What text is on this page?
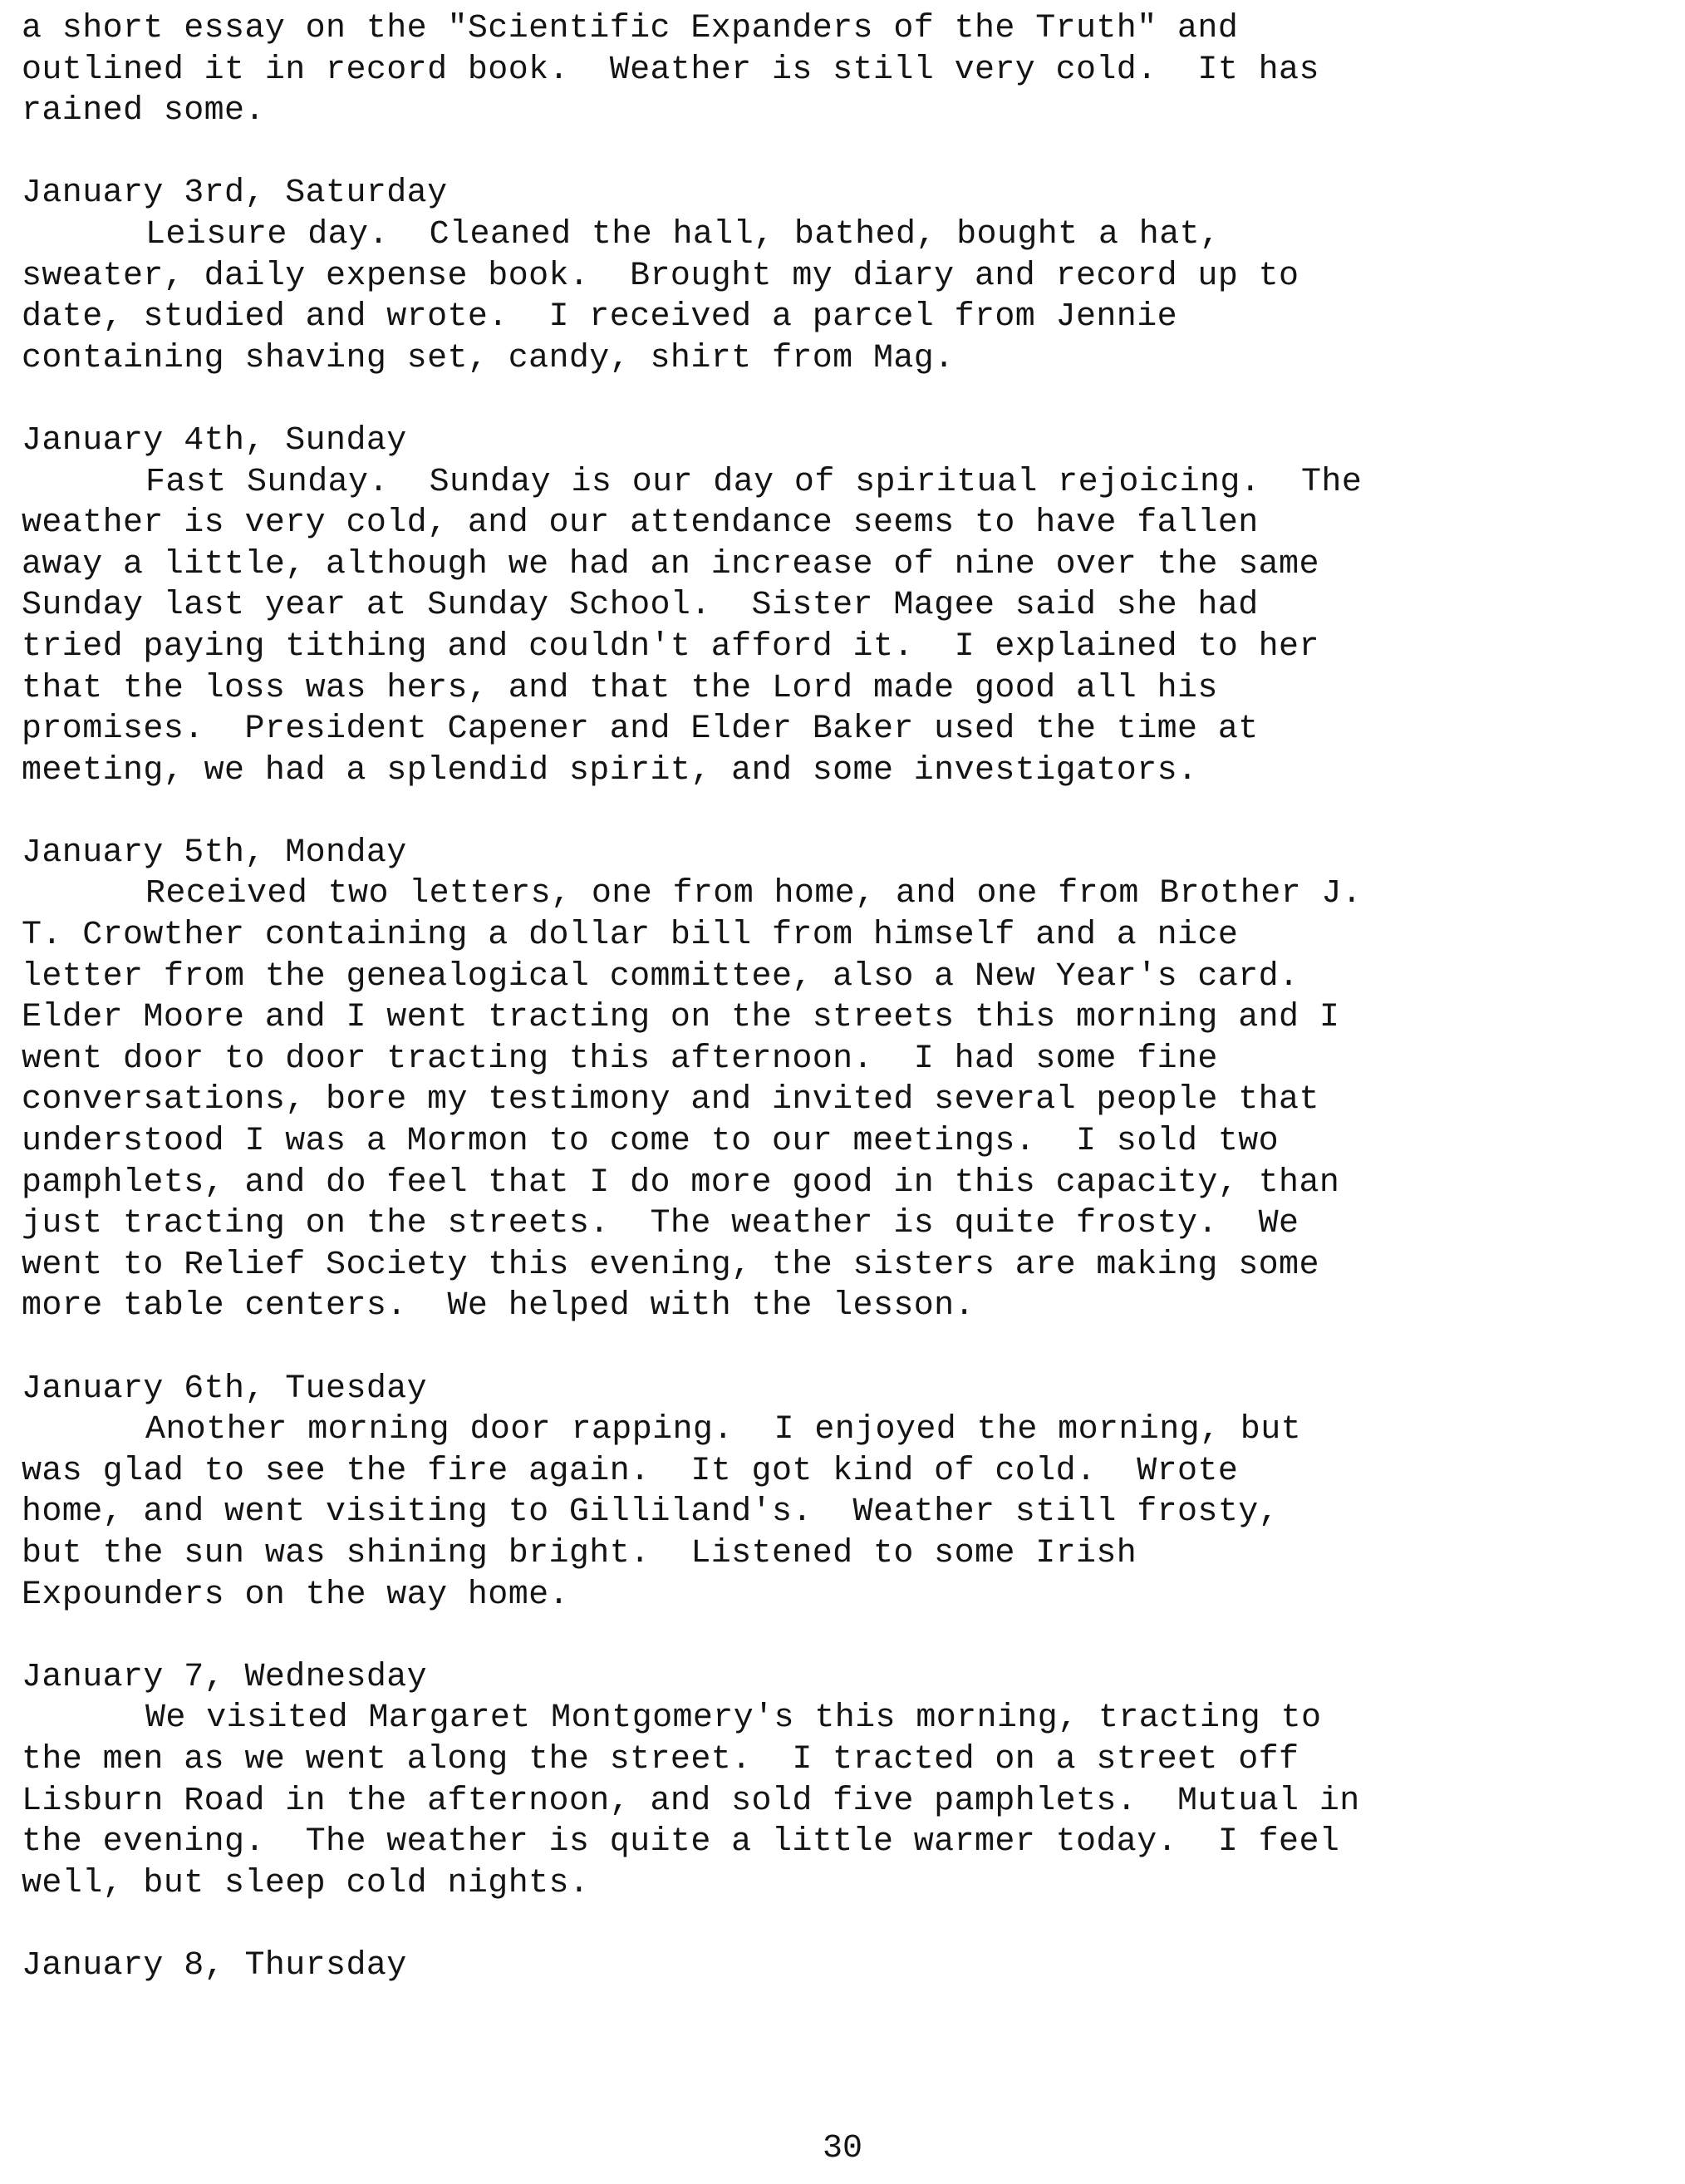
a short essay on the "Scientific Expanders of the Truth" and
outlined it in record book.  Weather is still very cold.  It has
rained some.
January 3rd, Saturday
Leisure day.  Cleaned the hall, bathed, bought a hat,
sweater, daily expense book.  Brought my diary and record up to
date, studied and wrote.  I received a parcel from Jennie
containing shaving set, candy, shirt from Mag.
January 4th, Sunday
Fast Sunday.  Sunday is our day of spiritual rejoicing.  The
weather is very cold, and our attendance seems to have fallen
away a little, although we had an increase of nine over the same
Sunday last year at Sunday School.  Sister Magee said she had
tried paying tithing and couldn't afford it.  I explained to her
that the loss was hers, and that the Lord made good all his
promises.  President Capener and Elder Baker used the time at
meeting, we had a splendid spirit, and some investigators.
January 5th, Monday
Received two letters, one from home, and one from Brother J.
T. Crowther containing a dollar bill from himself and a nice
letter from the genealogical committee, also a New Year's card.
Elder Moore and I went tracting on the streets this morning and I
went door to door tracting this afternoon.  I had some fine
conversations, bore my testimony and invited several people that
understood I was a Mormon to come to our meetings.  I sold two
pamphlets, and do feel that I do more good in this capacity, than
just tracting on the streets.  The weather is quite frosty.  We
went to Relief Society this evening, the sisters are making some
more table centers.  We helped with the lesson.
January 6th, Tuesday
Another morning door rapping.  I enjoyed the morning, but
was glad to see the fire again.  It got kind of cold.  Wrote
home, and went visiting to Gilliland's.  Weather still frosty,
but the sun was shining bright.  Listened to some Irish
Expounders on the way home.
January 7, Wednesday
We visited Margaret Montgomery's this morning, tracting to
the men as we went along the street.  I tracted on a street off
Lisburn Road in the afternoon, and sold five pamphlets.  Mutual in
the evening.  The weather is quite a little warmer today.  I feel
well, but sleep cold nights.
January 8, Thursday
30
